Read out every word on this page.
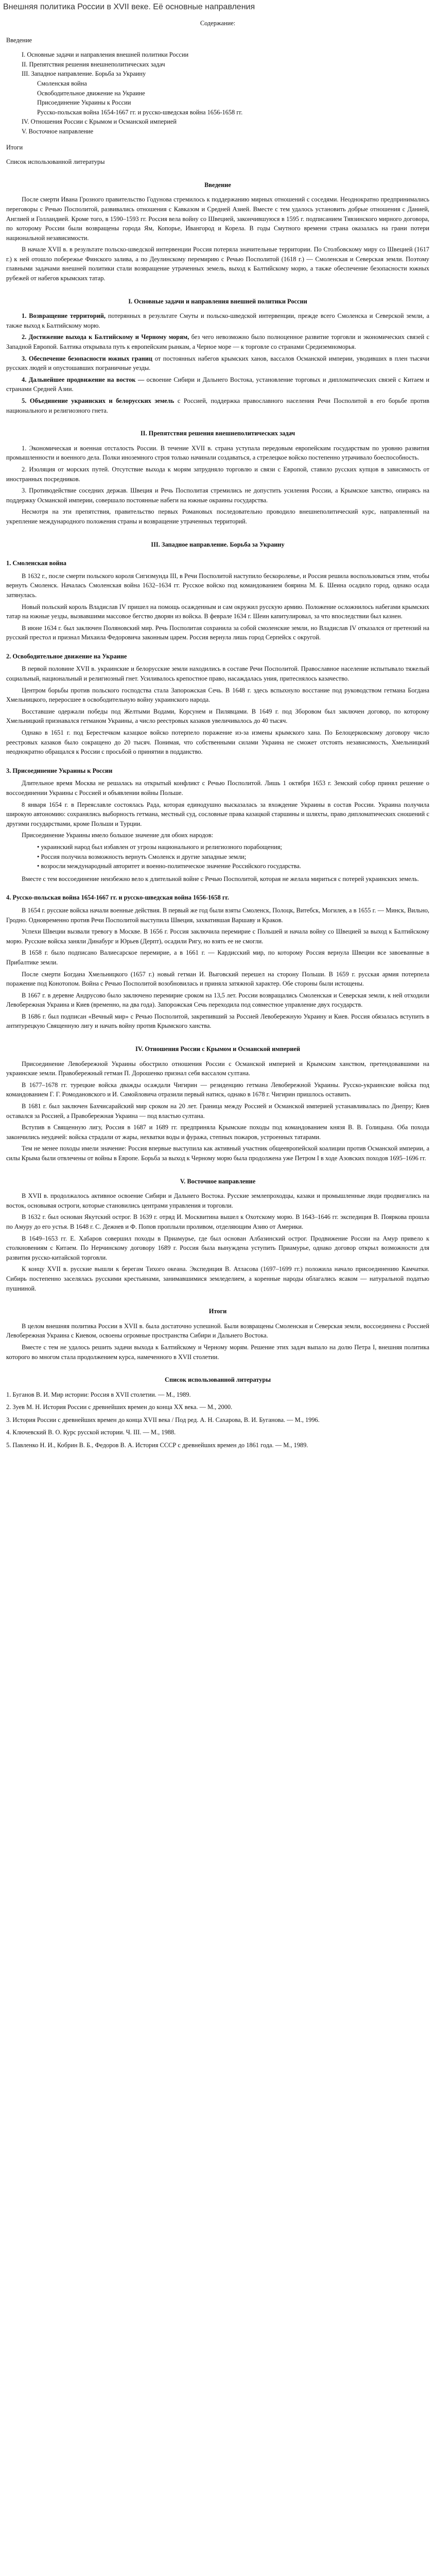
Внешняя политика России в XVII веке. Её основные направления
Содержание:
Введение
I. Основные задачи и направления внешней политики России
II. Препятствия решения внешнеполитических задач
III. Западное направление. Борьба за Украину
Смоленская война
Освободительное движение на Украине
Присоединение Украины к России
Русско-польская война 1654-1667 гг. и русско-шведская война 1656-1658 гг.
IV. Отношения России с Крымом и Османской империей
V. Восточное направление
Итоги
Список использованной литературы
Введение

После смерти Ивана Грозного правительство Годунова стремилось к поддержанию мирных отношений с соседями. Неоднократно предпринимались переговоры с Речью Посполитой, развивались отношения с Кавказом и Средней Азией. Вместе с тем удалось установить добрые отношения с Данией, Англией и Голландией. Кроме того, в 1590–1593 гг. Россия вела войну со Швецией, закончившуюся в 1595 г. подписанием Тявзинского мирного договора, по которому России были возвращены города Ям, Копорье, Ивангород и Корела. В годы Смутного времени страна оказалась на грани потери национальной независимости.

В начале XVII в. в результате польско-шведской интервенции Россия потеряла значительные территории. По Столбовскому миру со Швецией (1617 г.) к ней отошло побережье Финского залива, а по Деулинскому перемирию с Речью Посполитой (1618 г.) — Смоленская и Северская земли. Поэтому главными задачами внешней политики стали возвращение утраченных земель, выход к Балтийскому морю, а также обеспечение безопасности южных рубежей от набегов крымских татар.

I. Основные задачи и направления внешней политики России

1. Возвращение территорий, потерянных в результате Смуты и польско-шведской интервенции, прежде всего Смоленска и Северской земли, а также выход к Балтийскому морю.

2. Достижение выхода к Балтийскому и Черному морям, без чего невозможно было полноценное развитие торговли и экономических связей с Западной Европой. Балтика открывала путь к европейским рынкам, а Черное море — к торговле со странами Средиземноморья.

3. Обеспечение безопасности южных границ от постоянных набегов крымских ханов, вассалов Османской империи, уводивших в плен тысячи русских людей и опустошавших пограничные уезды.

4. Дальнейшее продвижение на восток — освоение Сибири и Дальнего Востока, установление торговых и дипломатических связей с Китаем и странами Средней Азии.

5. Объединение украинских и белорусских земель с Россией, поддержка православного населения Речи Посполитой в его борьбе против национального и религиозного гнета.

II. Препятствия решения внешнеполитических задач

1. Экономическая и военная отсталость России. В течение XVII в. страна уступала передовым европейским государствам по уровню развития промышленности и военного дела. Полки иноземного строя только начинали создаваться, а стрелецкое войско постепенно утрачивало боеспособность.

2. Изоляция от морских путей. Отсутствие выхода к морям затрудняло торговлю и связи с Европой, ставило русских купцов в зависимость от иностранных посредников.

3. Противодействие соседних держав. Швеция и Речь Посполитая стремились не допустить усиления России, а Крымское ханство, опираясь на поддержку Османской империи, совершало постоянные набеги на южные окраины государства.

Несмотря на эти препятствия, правительство первых Романовых последовательно проводило внешнеполитический курс, направленный на укрепление международного положения страны и возвращение утраченных территорий.

III. Западное направление. Борьба за Украину
1. Смоленская война

В 1632 г., после смерти польского короля Сигизмунда III, в Речи Посполитой наступило бескоролевье, и Россия решила воспользоваться этим, чтобы вернуть Смоленск. Началась Смоленская война 1632–1634 гг. Русское войско под командованием боярина М. Б. Шеина осадило город, однако осада затянулась.

Новый польский король Владислав IV пришел на помощь осажденным и сам окружил русскую армию. Положение осложнилось набегами крымских татар на южные уезды, вызвавшими массовое бегство дворян из войска. В феврале 1634 г. Шеин капитулировал, за что впоследствии был казнен.

В июне 1634 г. был заключен Поляновский мир. Речь Посполитая сохранила за собой смоленские земли, но Владислав IV отказался от претензий на русский престол и признал Михаила Федоровича законным царем. Россия вернула лишь город Серпейск с округой.

2. Освободительное движение на Украине

В первой половине XVII в. украинские и белорусские земли находились в составе Речи Посполитой. Православное население испытывало тяжелый социальный, национальный и религиозный гнет. Усиливалось крепостное право, насаждалась уния, притеснялось казачество.

Центром борьбы против польского господства стала Запорожская Сечь. В 1648 г. здесь вспыхнуло восстание под руководством гетмана Богдана Хмельницкого, переросшее в освободительную войну украинского народа.

Восставшие одержали победы под Желтыми Водами, Корсунем и Пилявцами. В 1649 г. под Зборовом был заключен договор, по которому Хмельницкий признавался гетманом Украины, а число реестровых казаков увеличивалось до 40 тысяч.

Однако в 1651 г. под Берестечком казацкое войско потерпело поражение из-за измены крымского хана. По Белоцерковскому договору число реестровых казаков было сокращено до 20 тысяч. Понимая, что собственными силами Украина не сможет отстоять независимость, Хмельницкий неоднократно обращался к России с просьбой о принятии в подданство.

3. Присоединение Украины к России

Длительное время Москва не решалась на открытый конфликт с Речью Посполитой. Лишь 1 октября 1653 г. Земский собор принял решение о воссоединении Украины с Россией и объявлении войны Польше.

8 января 1654 г. в Переяславле состоялась Рада, которая единодушно высказалась за вхождение Украины в состав России. Украина получила широкую автономию: сохранялись выборность гетмана, местный суд, сословные права казацкой старшины и шляхты, право дипломатических сношений с другими государствами, кроме Польши и Турции.

Присоединение Украины имело большое значение для обоих народов:

• украинский народ был избавлен от угрозы национального и религиозного порабощения;
• Россия получила возможность вернуть Смоленск и другие западные земли;
• возросли международный авторитет и военно-политическое значение Российского государства.

Вместе с тем воссоединение неизбежно вело к длительной войне с Речью Посполитой, которая не желала мириться с потерей украинских земель.

4. Русско-польская война 1654-1667 гг. и русско-шведская война 1656-1658 гг.

В 1654 г. русские войска начали военные действия. В первый же год были взяты Смоленск, Полоцк, Витебск, Могилев, а в 1655 г. — Минск, Вильно, Гродно. Одновременно против Речи Посполитой выступила Швеция, захватившая Варшаву и Краков.

Успехи Швеции вызвали тревогу в Москве. В 1656 г. Россия заключила перемирие с Польшей и начала войну со Швецией за выход к Балтийскому морю. Русские войска заняли Динабург и Юрьев (Дерпт), осадили Ригу, но взять ее не смогли.

В 1658 г. было подписано Валиесарское перемирие, а в 1661 г. — Кардисский мир, по которому Россия вернула Швеции все завоеванные в Прибалтике земли.

После смерти Богдана Хмельницкого (1657 г.) новый гетман И. Выговский перешел на сторону Польши. В 1659 г. русская армия потерпела поражение под Конотопом. Война с Речью Посполитой возобновилась и приняла затяжной характер. Обе стороны были истощены.

В 1667 г. в деревне Андрусово было заключено перемирие сроком на 13,5 лет. России возвращались Смоленская и Северская земли, к ней отходили Левобережная Украина и Киев (временно, на два года). Запорожская Сечь переходила под совместное управление двух государств.

В 1686 г. был подписан «Вечный мир» с Речью Посполитой, закрепивший за Россией Левобережную Украину и Киев. Россия обязалась вступить в антитурецкую Священную лигу и начать войну против Крымского ханства.

IV. Отношения России с Крымом и Османской империей

Присоединение Левобережной Украины обострило отношения России с Османской империей и Крымским ханством, претендовавшими на украинские земли. Правобережный гетман П. Дорошенко признал себя вассалом султана.

В 1677–1678 гг. турецкие войска дважды осаждали Чигирин — резиденцию гетмана Левобережной Украины. Русско-украинские войска под командованием Г. Г. Ромодановского и И. Самойловича отразили первый натиск, однако в 1678 г. Чигирин пришлось оставить.

В 1681 г. был заключен Бахчисарайский мир сроком на 20 лет. Граница между Россией и Османской империей устанавливалась по Днепру; Киев оставался за Россией, а Правобережная Украина — под властью султана.

Вступив в Священную лигу, Россия в 1687 и 1689 гг. предприняла Крымские походы под командованием князя В. В. Голицына. Оба похода закончились неудачей: войска страдали от жары, нехватки воды и фуража, степных пожаров, устроенных татарами.

Тем не менее походы имели значение: Россия впервые выступила как активный участник общеевропейской коалиции против Османской империи, а силы Крыма были отвлечены от войны в Европе. Борьба за выход к Черному морю была продолжена уже Петром I в ходе Азовских походов 1695–1696 гг.

V. Восточное направление

В XVII в. продолжалось активное освоение Сибири и Дальнего Востока. Русские землепроходцы, казаки и промышленные люди продвигались на восток, основывая остроги, которые становились центрами управления и торговли.

В 1632 г. был основан Якутский острог. В 1639 г. отряд И. Москвитина вышел к Охотскому морю. В 1643–1646 гг. экспедиция В. Пояркова прошла по Амуру до его устья. В 1648 г. С. Дежнев и Ф. Попов проплыли проливом, отделяющим Азию от Америки.

В 1649–1653 гг. Е. Хабаров совершил походы в Приамурье, где был основан Албазинский острог. Продвижение России на Амур привело к столкновениям с Китаем. По Нерчинскому договору 1689 г. Россия была вынуждена уступить Приамурье, однако договор открыл возможности для развития русско-китайской торговли.

К концу XVII в. русские вышли к берегам Тихого океана. Экспедиция В. Атласова (1697–1699 гг.) положила начало присоединению Камчатки. Сибирь постепенно заселялась русскими крестьянами, занимавшимися земледелием, а коренные народы облагались ясаком — натуральной податью пушниной.

Итоги

В целом внешняя политика России в XVII в. была достаточно успешной. Были возвращены Смоленская и Северская земли, воссоединена с Россией Левобережная Украина с Киевом, освоены огромные пространства Сибири и Дальнего Востока.

Вместе с тем не удалось решить задачи выхода к Балтийскому и Черному морям. Решение этих задач выпало на долю Петра I, внешняя политика которого во многом стала продолжением курса, намеченного в XVII столетии.

Список использованной литературы
1. Буганов В. И. Мир истории: Россия в XVII столетии. — М., 1989.
2. Зуев М. Н. История России с древнейших времен до конца XX века. — М., 2000.
3. История России с древнейших времен до конца XVII века / Под ред. А. Н. Сахарова, В. И. Буганова. — М., 1996.
4. Ключевский В. О. Курс русской истории. Ч. III. — М., 1988.
5. Павленко Н. И., Кобрин В. Б., Федоров В. А. История СССР с древнейших времен до 1861 года. — М., 1989.
